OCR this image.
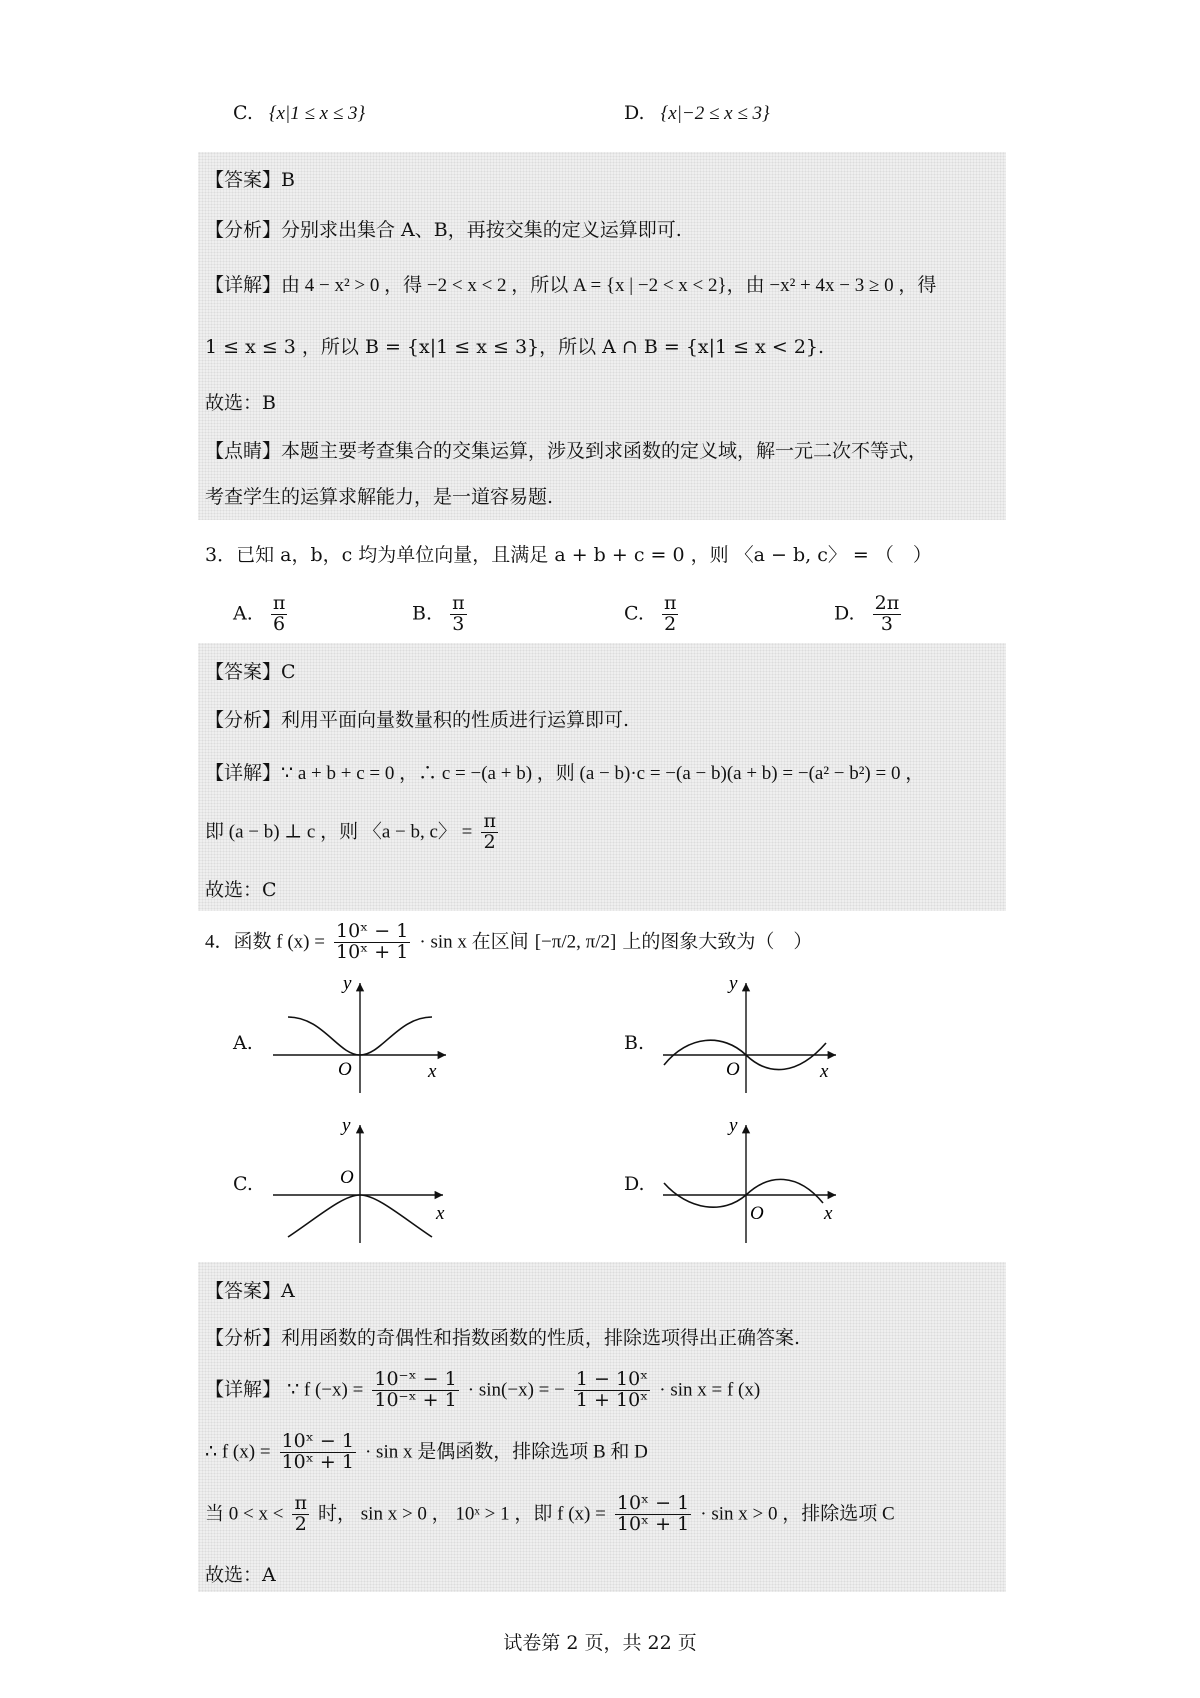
C. {x|1 ≤ x ≤ 3}	D. {x|−2 ≤ x ≤ 3}
【答案】B
【分析】分别求出集合 A、B，再按交集的定义运算即可.
【详解】由 4 − x² > 0 ，得 −2 < x < 2 ，所以 A = {x | −2 < x < 2}，由 −x² + 4x − 3 ≥ 0 ，得
1 ≤ x ≤ 3 ，所以 B = {x|1 ≤ x ≤ 3}，所以 A ∩ B = {x|1 ≤ x < 2}.
故选：B
【点睛】本题主要考查集合的交集运算，涉及到求函数的定义域，解一元二次不等式，
考查学生的运算求解能力，是一道容易题.
3．已知 a，b，c 均为单位向量，且满足 a + b + c = 0 ，则 〈a − b, c〉 = （　）
A. $\frac{\pi}{6}$	B. $\frac{\pi}{3}$	C. $\frac{\pi}{2}$	D. $\frac{2\pi}{3}$
【答案】C
【分析】利用平面向量数量积的性质进行运算即可.
【详解】∵ a + b + c = 0 ，∴ c = −(a + b) ，则 (a − b)·c = −(a − b)(a + b) = −(a² − b²) = 0 ，
即 (a − b) ⊥ c ，则 〈a − b, c〉 = $\frac{\pi}{2}$
故选：C
4．函数 f $(x) = \frac{\text{10ˣ − 1}}{\text{10ˣ + 1}} \cdot \sin x$ 在区间 [−π/2, π/2] 上的图象大致为（　）
A.	B.
C.	D.
x
y
O	x
y
O
x
y
O
x
y
O
【答案】A
【分析】利用函数的奇偶性和指数函数的性质，排除选项得出正确答案.
【详解】 ∵ f $(-x) = \frac{\text{10⁻ˣ − 1}}{\text{10⁻ˣ + 1}} \cdot \sin(-x)$ = − $\frac{\text{1 − 10ˣ}}{\text{1 + 10ˣ}} \cdot \sin x = f$ (x)
∴ f $(x) = \frac{\text{10ˣ − 1}}{\text{10ˣ + 1}} \cdot \sin x$ 是偶函数，排除选项 B 和 D
当 $0 < x < \frac{\pi}{2}$ 时， sin x > 0 ， 10ˣ > 1 ，即 f $(x) = \frac{\text{10ˣ − 1}}{\text{10ˣ + 1}} \cdot \sin x > 0$ ，排除选项 C
故选：A
试卷第 2 页，共 22 页
